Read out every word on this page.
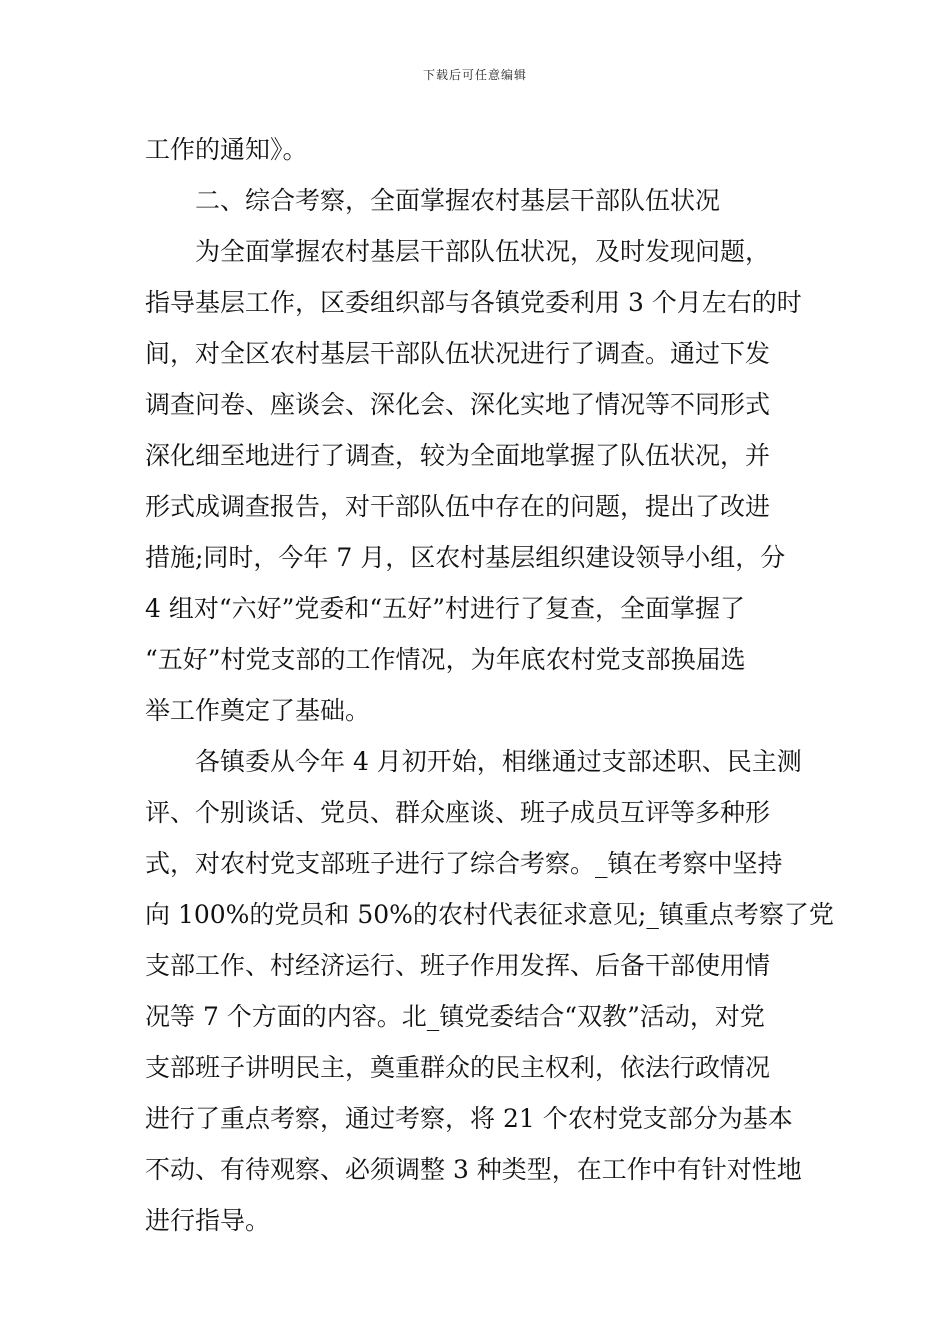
下载后可任意编辑
工作的通知》。
二、综合考察，全面掌握农村基层干部队伍状况
为全面掌握农村基层干部队伍状况，及时发现问题，
指导基层工作，区委组织部与各镇党委利用 3 个月左右的时
间，对全区农村基层干部队伍状况进行了调查。通过下发
调查问卷、座谈会、深化会、深化实地了情况等不同形式
深化细至地进行了调查，较为全面地掌握了队伍状况，并
形式成调查报告，对干部队伍中存在的问题，提出了改进
措施;同时，今年 7 月，区农村基层组织建设领导小组，分
4 组对“六好”党委和“五好”村进行了复查，全面掌握了
“五好”村党支部的工作情况，为年底农村党支部换届选
举工作奠定了基础。
各镇委从今年 4 月初开始，相继通过支部述职、民主测
评、个别谈话、党员、群众座谈、班子成员互评等多种形
式，对农村党支部班子进行了综合考察。_镇在考察中坚持
向 100%的党员和 50%的农村代表征求意见;_镇重点考察了党
支部工作、村经济运行、班子作用发挥、后备干部使用情
况等 7 个方面的内容。北_镇党委结合“双教”活动，对党
支部班子讲明民主，奠重群众的民主权利，依法行政情况
进行了重点考察，通过考察，将 21 个农村党支部分为基本
不动、有待观察、必须调整 3 种类型，在工作中有针对性地
进行指导。
